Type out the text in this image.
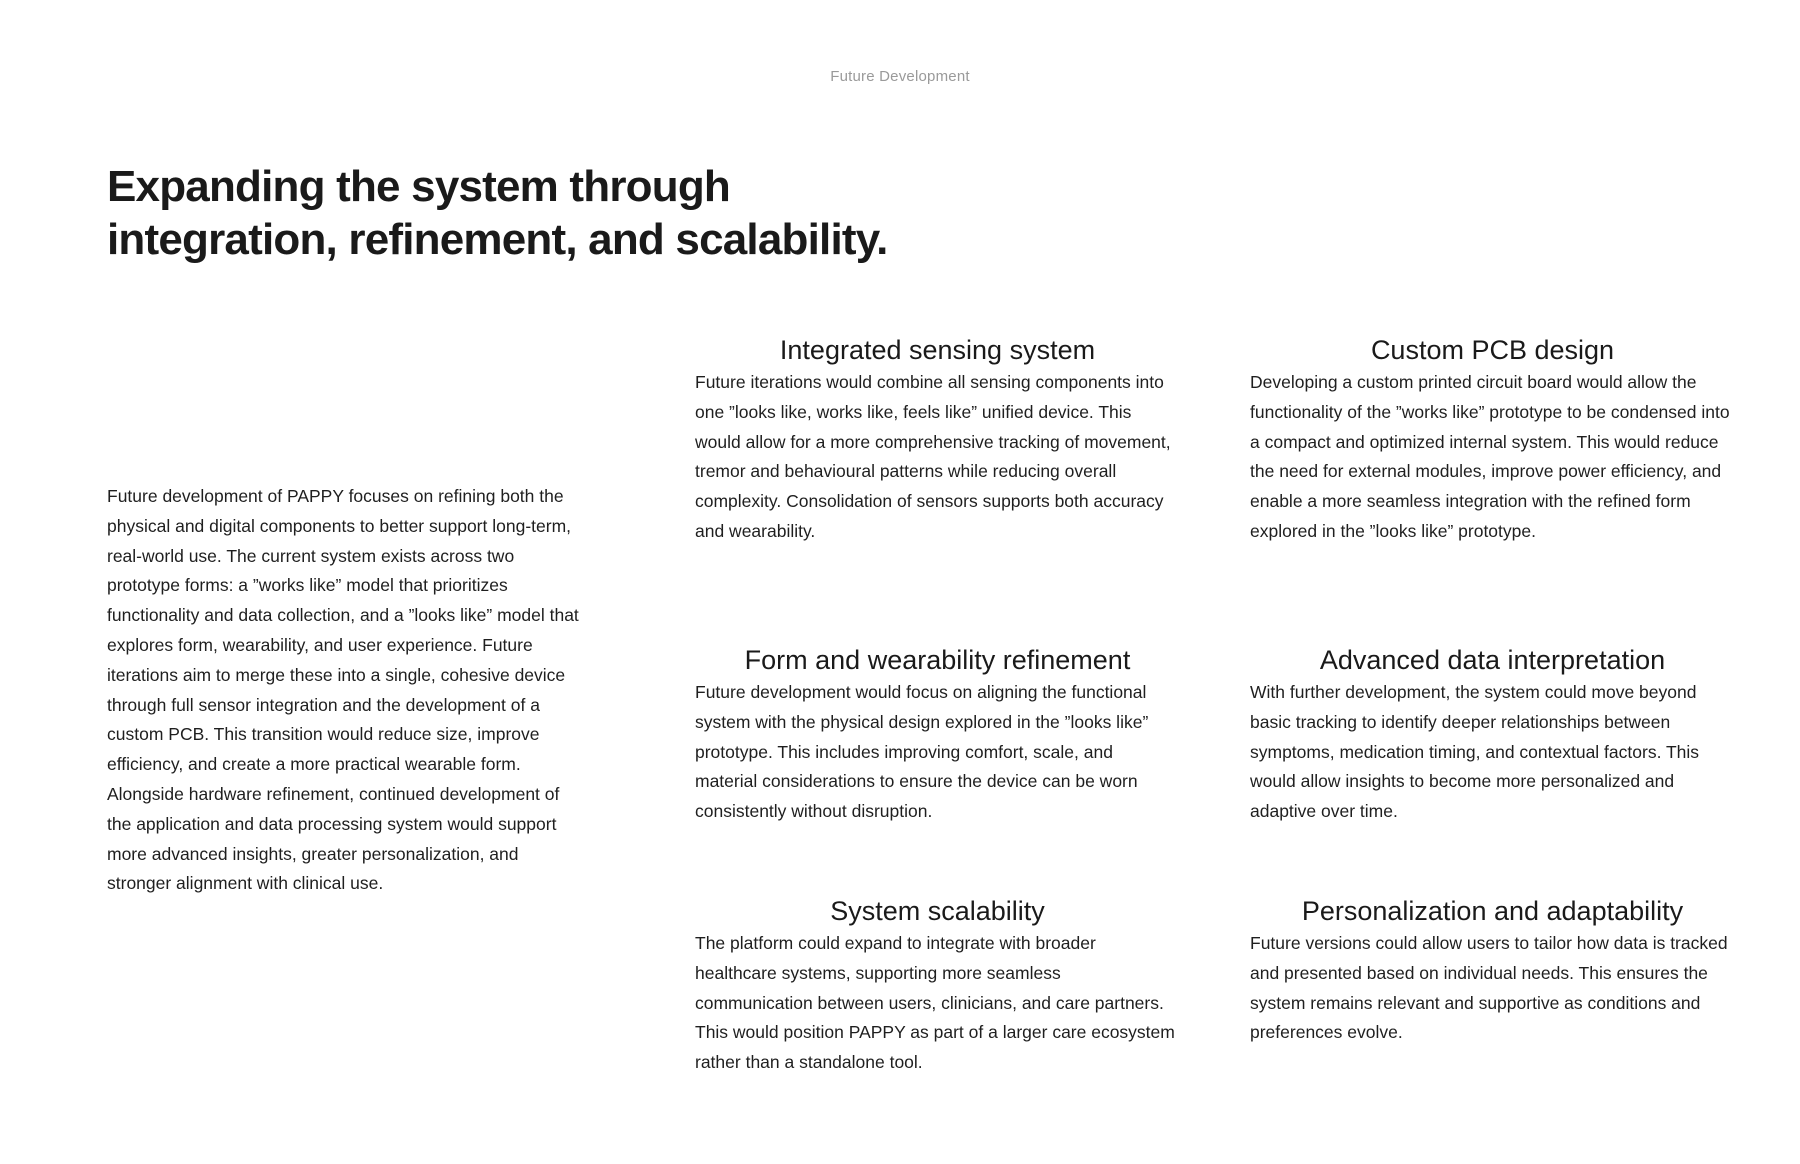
Future Development

Expanding the system through
integration, refinement, and scalability.

Future development of PAPPY focuses on refining both the physical and digital components to better support long-term, real-world use. The current system exists across two prototype forms: a ”works like” model that prioritizes functionality and data collection, and a ”looks like” model that explores form, wearability, and user experience. Future iterations aim to merge these into a single, cohesive device through full sensor integration and the development of a custom PCB. This transition would reduce size, improve efficiency, and create a more practical wearable form. Alongside hardware refinement, continued development of the application and data processing system would support more advanced insights, greater personalization, and stronger alignment with clinical use.

Integrated sensing system

Future iterations would combine all sensing components into one ”looks like, works like, feels like” unified device. This would allow for a more comprehensive tracking of movement, tremor and behavioural patterns while reducing overall complexity. Consolidation of sensors supports both accuracy and wearability.

Custom PCB design

Developing a custom printed circuit board would allow the functionality of the ”works like” prototype to be condensed into a compact and optimized internal system. This would reduce the need for external modules, improve power efficiency, and enable a more seamless integration with the refined form explored in the ”looks like” prototype.

Form and wearability refinement

Future development would focus on aligning the functional system with the physical design explored in the ”looks like” prototype. This includes improving comfort, scale, and material considerations to ensure the device can be worn consistently without disruption.

Advanced data interpretation

With further development, the system could move beyond basic tracking to identify deeper relationships between symptoms, medication timing, and contextual factors. This would allow insights to become more personalized and adaptive over time.

System scalability

The platform could expand to integrate with broader healthcare systems, supporting more seamless communication between users, clinicians, and care partners. This would position PAPPY as part of a larger care ecosystem rather than a standalone tool.

Personalization and adaptability

Future versions could allow users to tailor how data is tracked and presented based on individual needs. This ensures the system remains relevant and supportive as conditions and preferences evolve.
